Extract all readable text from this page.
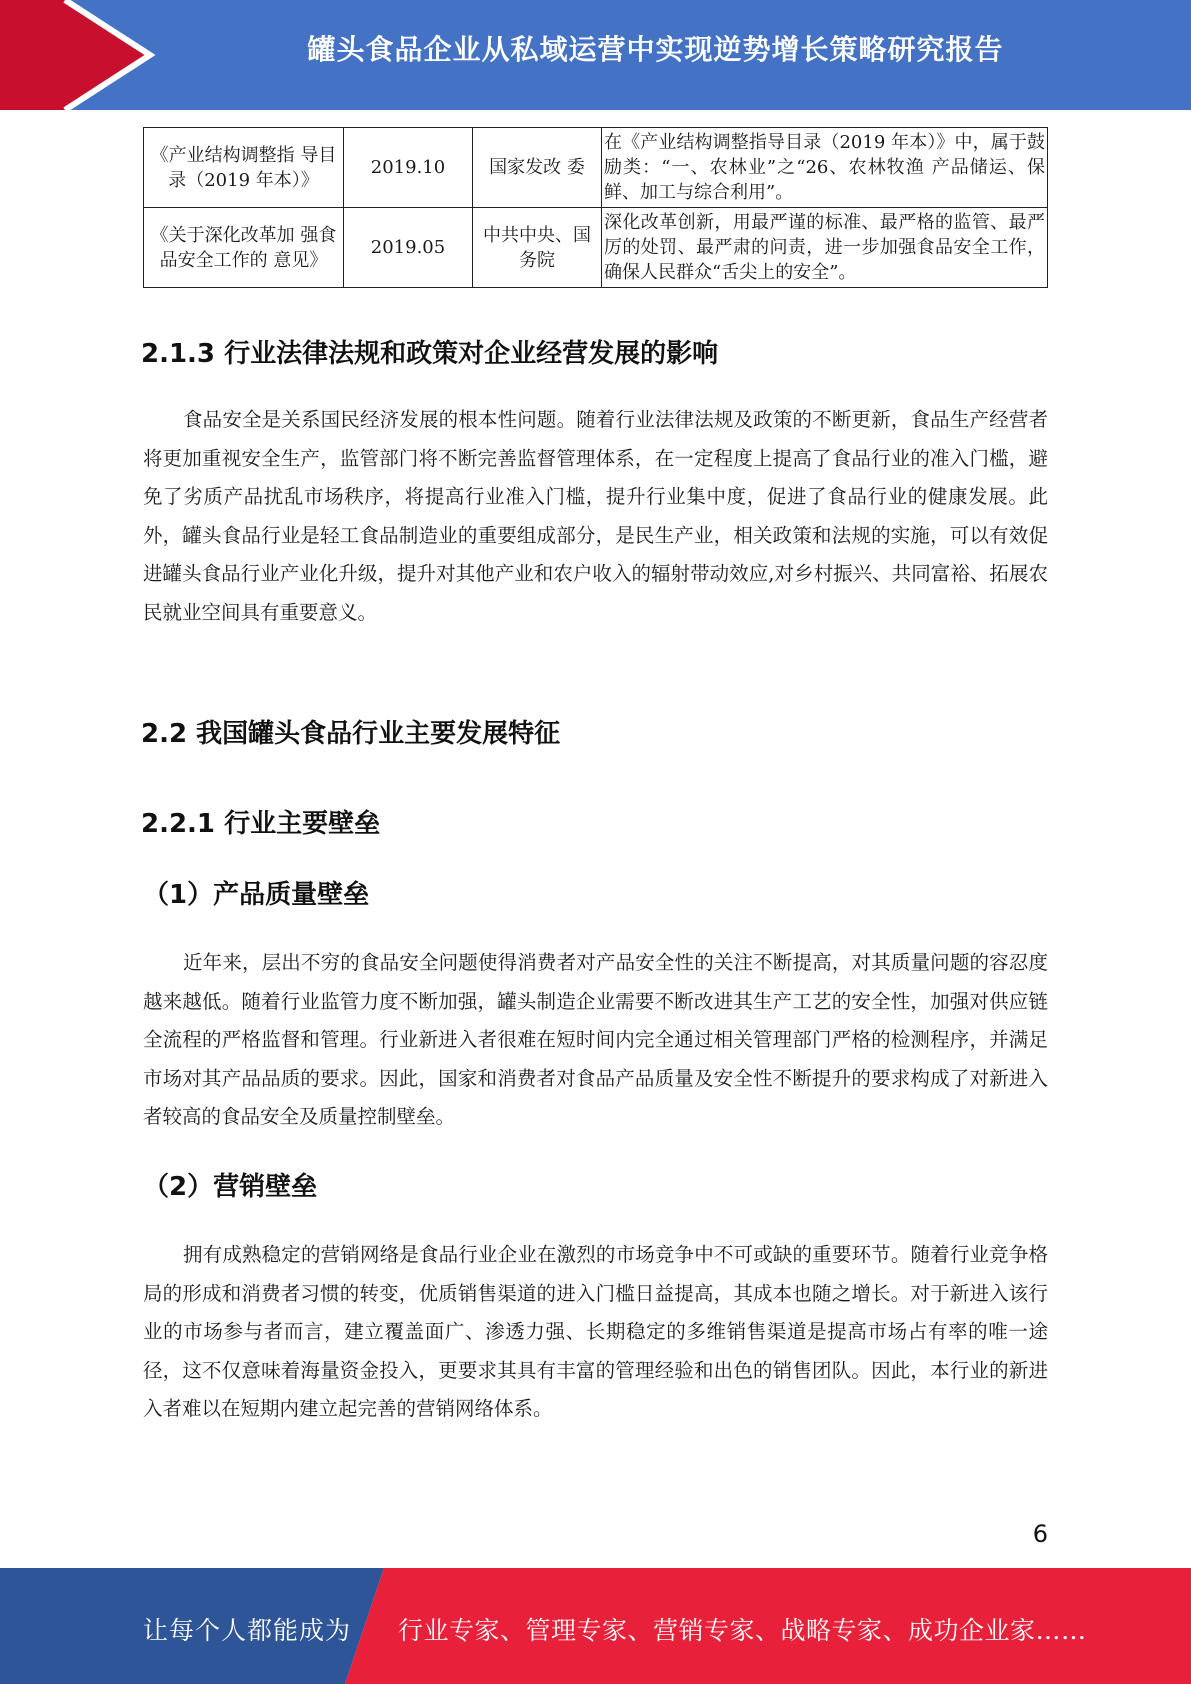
罐头食品企业从私域运营中实现逆势增长策略研究报告
《产业结构调整指 导目录（2019 年本）》	2019.10	国家发改 委	在《产业结构调整指导目录（2019 年本）》中，属于鼓励类：“一、农林业”之“26、农林牧渔 产品储运、保鲜、加工与综合利用”。
《关于深化改革加 强食品安全工作的 意见》	2019.05	中共中央、国务院	深化改革创新，用最严谨的标准、最严格的监管、最严厉的处罚、最严肃的问责，进一步加强食品安全工作，确保人民群众“舌尖上的安全”。
2.1.3 行业法律法规和政策对企业经营发展的影响

食品安全是关系国民经济发展的根本性问题。随着行业法律法规及政策的不断更新，食品生产经营者将更加重视安全生产，监管部门将不断完善监督管理体系，在一定程度上提高了食品行业的准入门槛，避免了劣质产品扰乱市场秩序，将提高行业准入门槛，提升行业集中度，促进了食品行业的健康发展。此外，罐头食品行业是轻工食品制造业的重要组成部分，是民生产业，相关政策和法规的实施，可以有效促进罐头食品行业产业化升级，提升对其他产业和农户收入的辐射带动效应,对乡村振兴、共同富裕、拓展农民就业空间具有重要意义。

2.2 我国罐头食品行业主要发展特征
2.2.1 行业主要壁垒
（1）产品质量壁垒

近年来，层出不穷的食品安全问题使得消费者对产品安全性的关注不断提高，对其质量问题的容忍度越来越低。随着行业监管力度不断加强，罐头制造企业需要不断改进其生产工艺的安全性，加强对供应链全流程的严格监督和管理。行业新进入者很难在短时间内完全通过相关管理部门严格的检测程序，并满足市场对其产品品质的要求。因此，国家和消费者对食品产品质量及安全性不断提升的要求构成了对新进入者较高的食品安全及质量控制壁垒。

（2）营销壁垒

拥有成熟稳定的营销网络是食品行业企业在激烈的市场竞争中不可或缺的重要环节。随着行业竞争格局的形成和消费者习惯的转变，优质销售渠道的进入门槛日益提高，其成本也随之增长。对于新进入该行业的市场参与者而言，建立覆盖面广、渗透力强、长期稳定的多维销售渠道是提高市场占有率的唯一途径，这不仅意味着海量资金投入，更要求其具有丰富的管理经验和出色的销售团队。因此，本行业的新进入者难以在短期内建立起完善的营销网络体系。

6
让每个人都能成为 行业专家、管理专家、营销专家、战略专家、成功企业家……
